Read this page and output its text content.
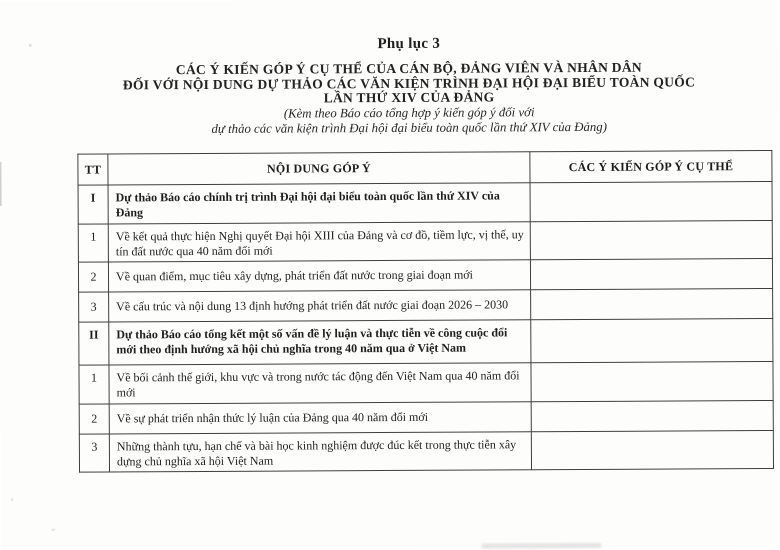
Phụ lục 3
CÁC Ý KIẾN GÓP Ý CỤ THỂ CỦA CÁN BỘ, ĐẢNG VIÊN VÀ NHÂN DÂN
ĐỐI VỚI NỘI DUNG DỰ THẢO CÁC VĂN KIỆN TRÌNH ĐẠI HỘI ĐẠI BIỂU TOÀN QUỐC
LẦN THỨ XIV CỦA ĐẢNG
(Kèm theo Báo cáo tổng hợp ý kiến góp ý đối với
dự thảo các văn kiện trình Đại hội đại biểu toàn quốc lần thứ XIV của Đảng)
TT	NỘI DUNG GÓP Ý	CÁC Ý KIẾN GÓP Ý CỤ THỂ
I	Dự thảo Báo cáo chính trị trình Đại hội đại biểu toàn quốc lần thứ XIV của Đảng	
1	Về kết quả thực hiện Nghị quyết Đại hội XIII của Đảng và cơ đồ, tiềm lực, vị thế, uy tín đất nước qua 40 năm đổi mới	
2	Về quan điểm, mục tiêu xây dựng, phát triển đất nước trong giai đoạn mới	
3	Về cấu trúc và nội dung 13 định hướng phát triển đất nước giai đoạn 2026 – 2030	
II	Dự thảo Báo cáo tổng kết một số vấn đề lý luận và thực tiễn về công cuộc đổi mới theo định hướng xã hội chủ nghĩa trong 40 năm qua ở Việt Nam	
1	Về bối cảnh thế giới, khu vực và trong nước tác động đến Việt Nam qua 40 năm đổi mới	
2	Về sự phát triển nhận thức lý luận của Đảng qua 40 năm đổi mới	
3	Những thành tựu, hạn chế và bài học kinh nghiệm được đúc kết trong thực tiễn xây dựng chủ nghĩa xã hội Việt Nam	
